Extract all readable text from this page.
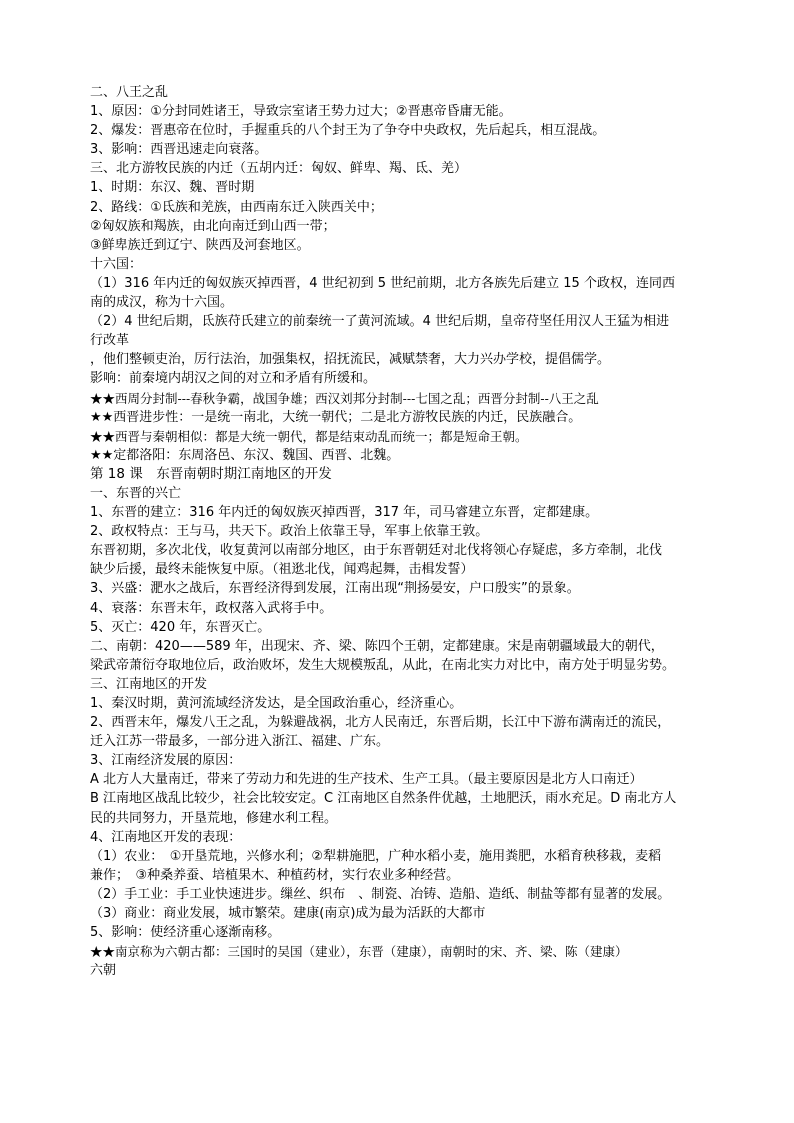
二、八王之乱
1、原因：①分封同姓诸王，导致宗室诸王势力过大；②晋惠帝昏庸无能。
2、爆发：晋惠帝在位时，手握重兵的八个封王为了争夺中央政权，先后起兵，相互混战。
3、影响：西晋迅速走向衰落。
三、北方游牧民族的内迁（五胡内迁：匈奴、鲜卑、羯、氐、羌）
1、时期：东汉、魏、晋时期
2、路线：①氐族和羌族，由西南东迁入陕西关中；
②匈奴族和羯族，由北向南迁到山西一带；
③鲜卑族迁到辽宁、陕西及河套地区。
十六国：
（1）316 年内迁的匈奴族灭掉西晋，4 世纪初到 5 世纪前期，北方各族先后建立 15 个政权，连同西
南的成汉，称为十六国。
（2）4 世纪后期，氐族苻氏建立的前秦统一了黄河流域。4 世纪后期，皇帝苻坚任用汉人王猛为相进
行改革
，他们整顿吏治，厉行法治，加强集权，招抚流民，减赋禁奢，大力兴办学校，提倡儒学。
影响：前秦境内胡汉之间的对立和矛盾有所缓和。
★★西周分封制---春秋争霸，战国争雄；西汉刘邦分封制---七国之乱；西晋分封制--八王之乱
★★西晋进步性：一是统一南北，大统一朝代；二是北方游牧民族的内迁，民族融合。
★★西晋与秦朝相似：都是大统一朝代，都是结束动乱而统一；都是短命王朝。
★★定都洛阳：东周洛邑、东汉、魏国、西晋、北魏。
第 18 课　东晋南朝时期江南地区的开发
一、东晋的兴亡
1、东晋的建立：316 年内迁的匈奴族灭掉西晋，317 年，司马睿建立东晋，定都建康。
2、政权特点：王与马，共天下。政治上依靠王导，军事上依靠王敦。
东晋初期，多次北伐，收复黄河以南部分地区，由于东晋朝廷对北伐将领心存疑虑，多方牵制，北伐
缺少后援，最终未能恢复中原。（祖逖北伐，闻鸡起舞，击楫发誓）
3、兴盛：淝水之战后，东晋经济得到发展，江南出现“荆扬晏安，户口殷实”的景象。
4、衰落：东晋末年，政权落入武将手中。
5、灭亡：420 年，东晋灭亡。
二、南朝：420——589 年，出现宋、齐、梁、陈四个王朝，定都建康。宋是南朝疆域最大的朝代，
梁武帝萧衍夺取地位后，政治败坏，发生大规模叛乱，从此，在南北实力对比中，南方处于明显劣势。
三、江南地区的开发
1、秦汉时期，黄河流域经济发达，是全国政治重心，经济重心。
2、西晋末年，爆发八王之乱，为躲避战祸，北方人民南迁，东晋后期，长江中下游布满南迁的流民，
迁入江苏一带最多，一部分进入浙江、福建、广东。
3、江南经济发展的原因：
A 北方人大量南迁，带来了劳动力和先进的生产技术、生产工具。（最主要原因是北方人口南迁）
B 江南地区战乱比较少，社会比较安定。C 江南地区自然条件优越，土地肥沃，雨水充足。D 南北方人
民的共同努力，开垦荒地，修建水利工程。
4、江南地区开发的表现：
（1）农业：　①开垦荒地，兴修水利；②犁耕施肥，广种水稻小麦，施用粪肥，水稻育秧移栽，麦稻
兼作；　③种桑养蚕、培植果木、种植药材，实行农业多种经营。
（2）手工业：手工业快速进步。缫丝、织布　、制瓷、冶铸、造船、造纸、制盐等都有显著的发展。
（3）商业：商业发展，城市繁荣。建康(南京)成为最为活跃的大都市
5、影响：使经济重心逐渐南移。
★★南京称为六朝古都：三国时的吴国（建业），东晋（建康），南朝时的宋、齐、梁、陈（建康）
六朝
